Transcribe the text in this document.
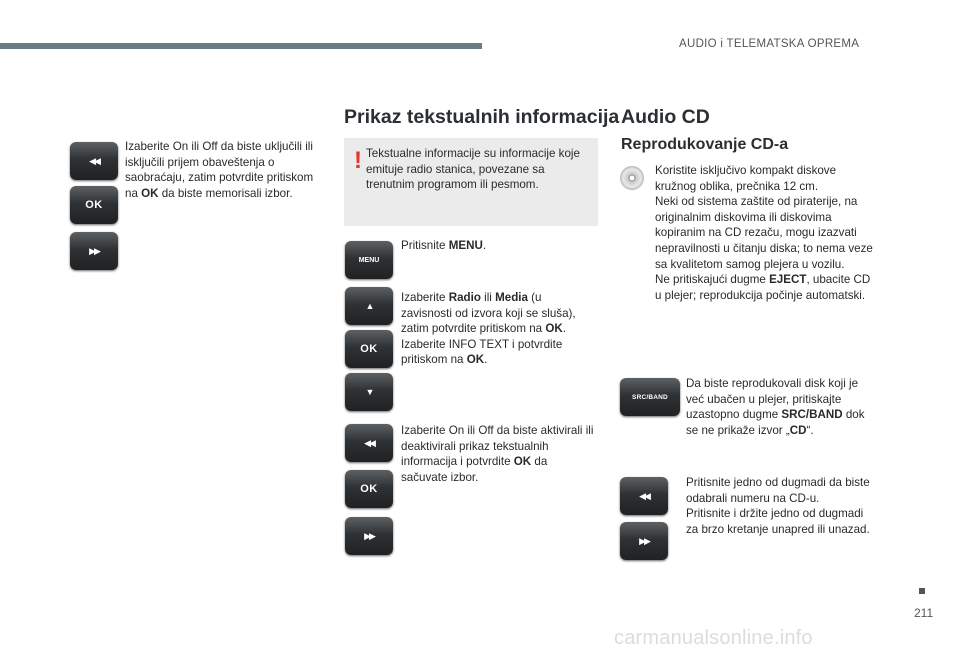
AUDIO i TELEMATSKA OPREMA
◀◀
OK
▶▶
Izaberite On ili Off da biste uključili ili isključili prijem obaveštenja o saobraćaju, zatim potvrdite pritiskom na OK da biste memorisali izbor.
Prikaz tekstualnih informacija
! Tekstualne informacije su informacije koje emituje radio stanica, povezane sa trenutnim programom ili pesmom.
MENU
Pritisnite MENU.
▲
OK
▼
Izaberite Radio ili Media (u zavisnosti od izvora koji se sluša), zatim potvrdite pritiskom na OK.
Izaberite INFO TEXT i potvrdite pritiskom na OK.
◀◀
OK
▶▶
Izaberite On ili Off da biste aktivirali ili deaktivirali prikaz tekstualnih informacija i potvrdite OK da sačuvate izbor.
Audio CD
Reprodukovanje CD-a
Koristite isključivo kompakt diskove kružnog oblika, prečnika 12 cm.
Neki od sistema zaštite od piraterije, na originalnim diskovima ili diskovima kopiranim na CD rezaču, mogu izazvati nepravilnosti u čitanju diska; to nema veze sa kvalitetom samog plejera u vozilu.
Ne pritiskajući dugme EJECT, ubacite CD u plejer; reprodukcija počinje automatski.
SRC/BAND
Da biste reprodukovali disk koji je već ubačen u plejer, pritiskajte uzastopno dugme SRC/BAND dok se ne prikaže izvor „CD“.
◀◀
▶▶
Pritisnite jedno od dugmadi da biste odabrali numeru na CD-u.
Pritisnite i držite jedno od dugmadi za brzo kretanje unapred ili unazad.
211
carmanualsonline.info
